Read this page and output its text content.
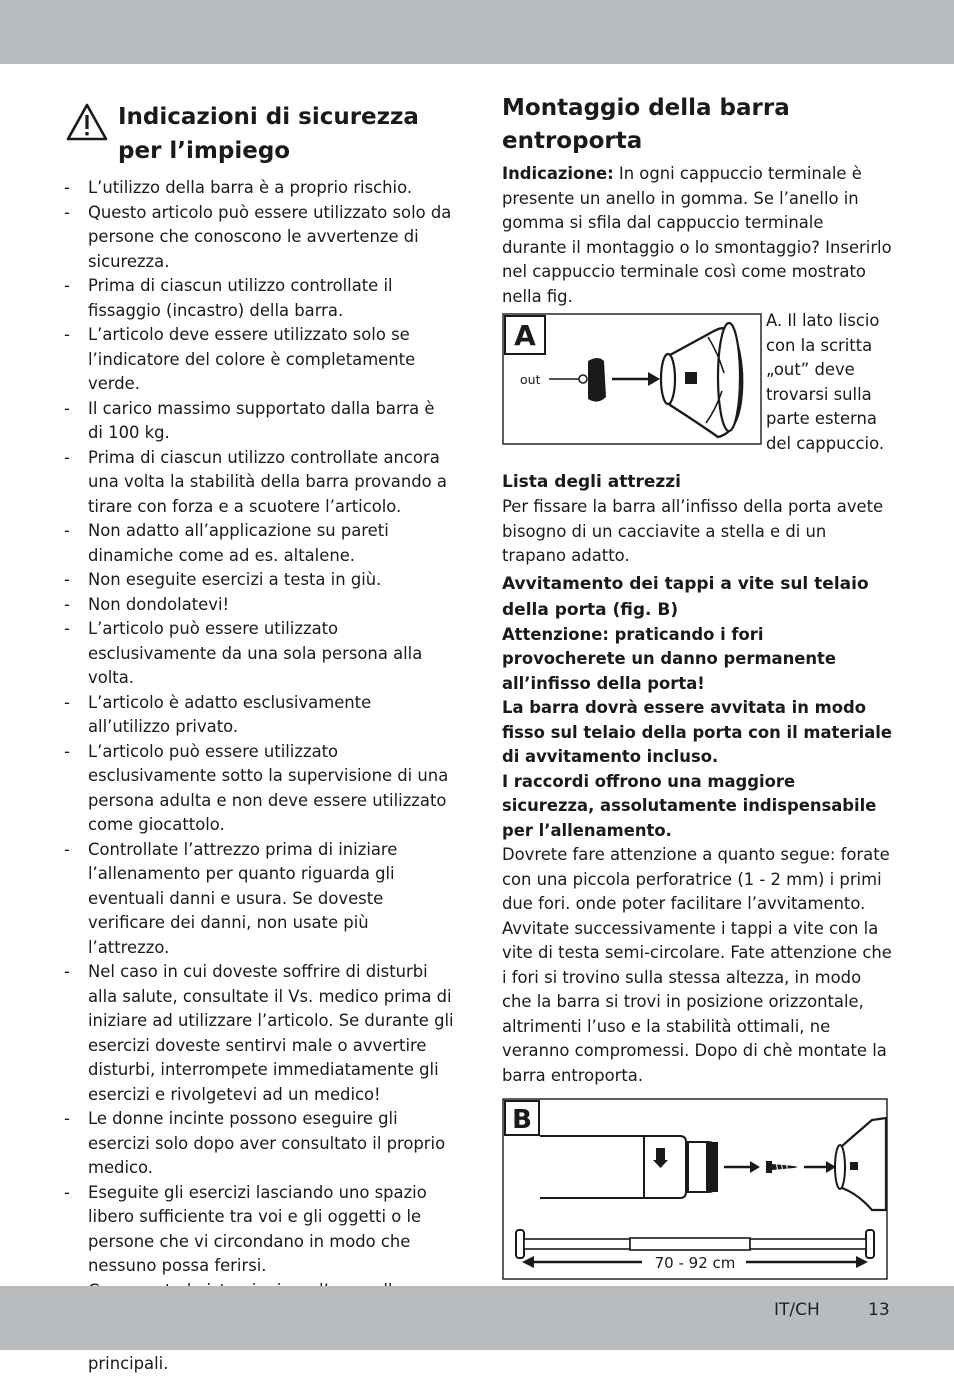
Indicazioni di sicurezza
per l’impiego
- L’utilizzo della barra è a proprio rischio.
- Questo articolo può essere utilizzato solo da persone che conoscono le avvertenze di sicurezza.
- Prima di ciascun utilizzo controllate il fissaggio (incastro) della barra.
- L’articolo deve essere utilizzato solo se l’indicatore del colore è completamente verde.
- Il carico massimo supportato dalla barra è di 100 kg.
- Prima di ciascun utilizzo controllate ancora una volta la stabilità della barra provando a tirare con forza e a scuotere l’articolo.
- Non adatto all’applicazione su pareti dinamiche come ad es. altalene.
- Non eseguite esercizi a testa in giù.
- Non dondolatevi!
- L’articolo può essere utilizzato esclusivamente da una sola persona alla volta.
- L’articolo è adatto esclusivamente all’utilizzo privato.
- L’articolo può essere utilizzato esclusivamente sotto la supervisione di una persona adulta e non deve essere utilizzato come giocattolo.
- Controllate l’attrezzo prima di iniziare l’allenamento per quanto riguarda gli eventuali danni e usura. Se doveste verificare dei danni, non usate più l’attrezzo.
- Nel caso in cui doveste soffrire di disturbi alla salute, consultate il Vs. medico prima di iniziare ad utilizzare l’articolo. Se durante gli esercizi doveste sentirvi male o avvertire disturbi, interrompete immediatamente gli esercizi e rivolgetevi ad un medico!
- Le donne incinte possono eseguire gli esercizi solo dopo aver consultato il proprio medico.
- Eseguite gli esercizi lasciando uno spazio libero sufficiente tra voi e gli oggetti o le persone che vi circondano in modo che nessuno possa ferirsi.
- principali.
Montaggio della barra
entroporta

Indicazione: In ogni cappuccio terminale è presente un anello in gomma. Se l’anello in gomma si sfila dal cappuccio terminale durante il montaggio o lo smontaggio? Inserirlo nel cappuccio terminale così come mostrato nella fig.

A
out

A. Il lato liscio con la scritta „out” deve trovarsi sulla parte esterna del cappuccio.

Lista degli attrezzi

Per fissare la barra all’infisso della porta avete bisogno di un cacciavite a stella e di un trapano adatto.

Avvitamento dei tappi a vite sul telaio della porta (fig. B)

Attenzione: praticando i fori provocherete un danno permanente all’infisso della porta!

La barra dovrà essere avvitata in modo fisso sul telaio della porta con il materiale di avvitamento incluso.

I raccordi offrono una maggiore sicurezza, assolutamente indispensabile per l’allenamento.

Dovrete fare attenzione a quanto segue: forate con una piccola perforatrice (1 - 2 mm) i primi due fori. onde poter facilitare l’avvitamento. Avvitate successivamente i tappi a vite con la vite di testa semi-circolare. Fate attenzione che i fori si trovino sulla stessa altezza, in modo che la barra si trovi in posizione orizzontale, altrimenti l’uso e la stabilità ottimali, ne veranno compromessi. Dopo di chè montate la barra entroporta.

B
70 - 92 cm
IT/CH	13
